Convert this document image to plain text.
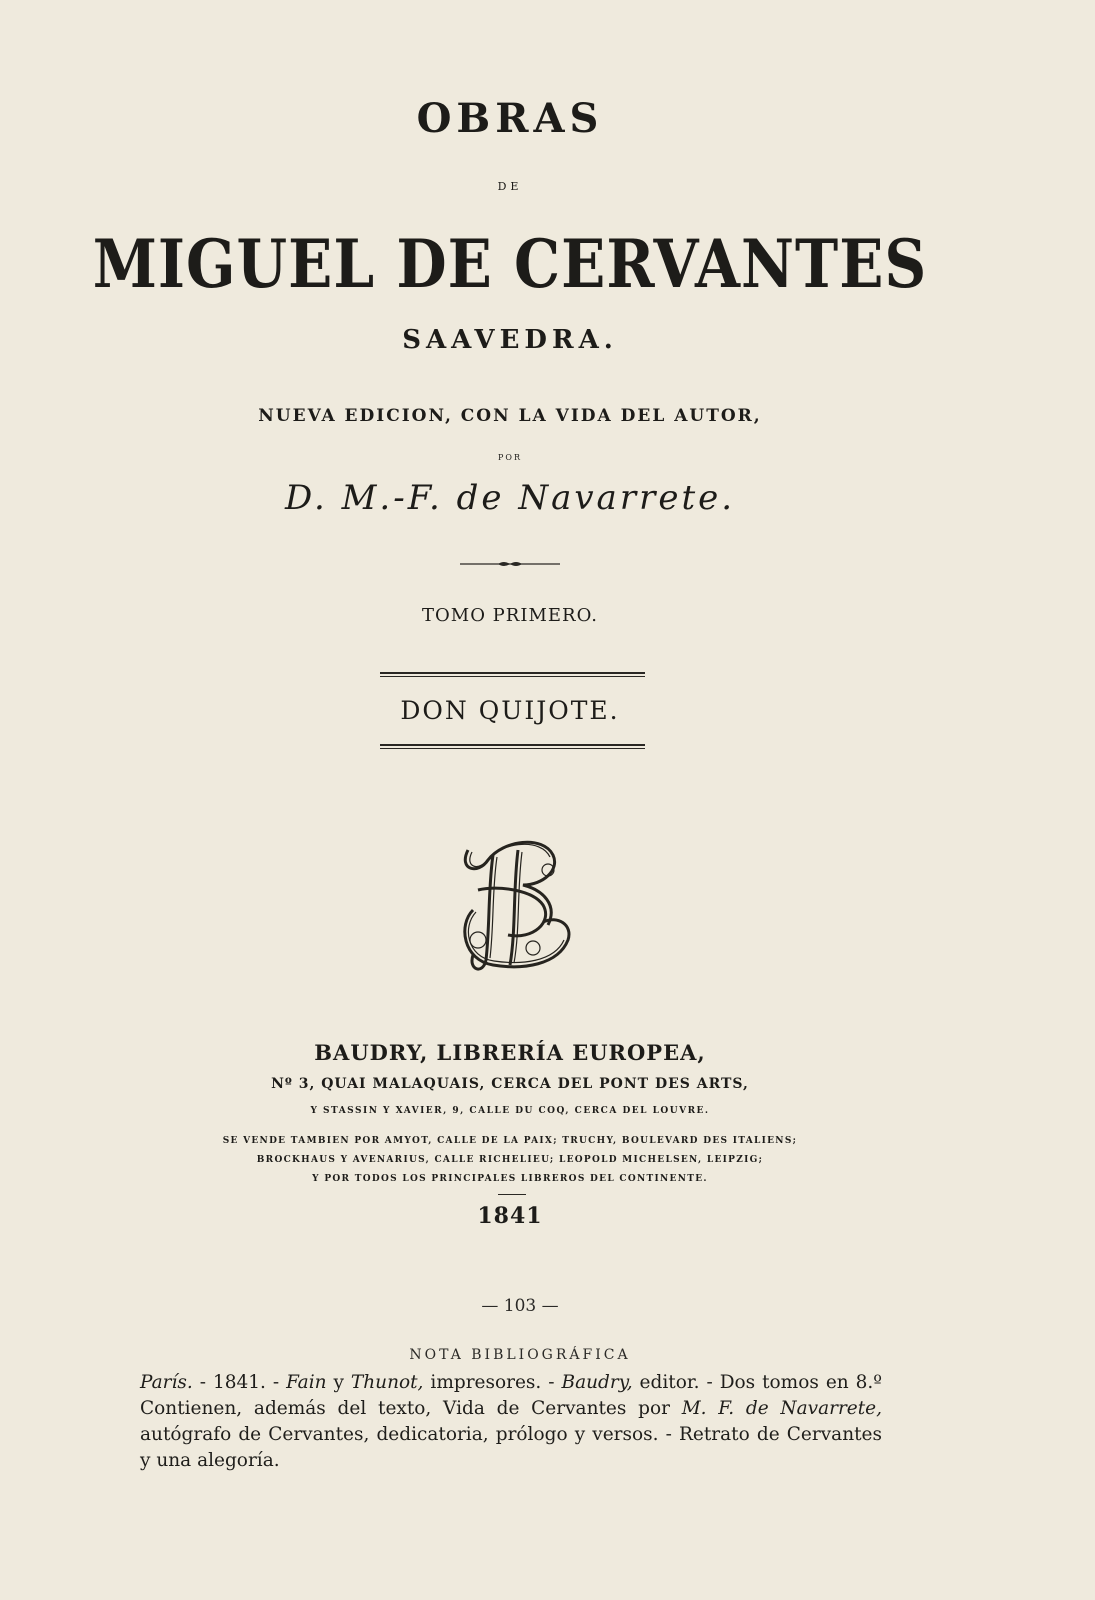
OBRAS
DE
MIGUEL DE CERVANTES
SAAVEDRA.
NUEVA EDICION, CON LA VIDA DEL AUTOR,
POR
D. M.-F. de Navarrete.
TOMO PRIMERO.
DON QUIJOTE.
BL
BAUDRY, LIBRERÍA EUROPEA,
Nº 3, QUAI MALAQUAIS, CERCA DEL PONT DES ARTS,
Y STASSIN Y XAVIER, 9, CALLE DU COQ, CERCA DEL LOUVRE.
SE VENDE TAMBIEN POR AMYOT, CALLE DE LA PAIX; TRUCHY, BOULEVARD DES ITALIENS;
BROCKHAUS Y AVENARIUS, CALLE RICHELIEU; LEOPOLD MICHELSEN, LEIPZIG;
Y POR TODOS LOS PRINCIPALES LIBREROS DEL CONTINENTE.
1841
— 103 —
NOTA BIBLIOGRÁFICA
París. - 1841. - Fain y Thunot, impresores. - Baudry, editor. - Dos tomos en 8.º Contienen, además del texto, Vida de Cervantes por M. F. de Navarrete, autógrafo de Cervantes, dedicatoria, prólogo y versos. - Retrato de Cervantes y una alegoría.
